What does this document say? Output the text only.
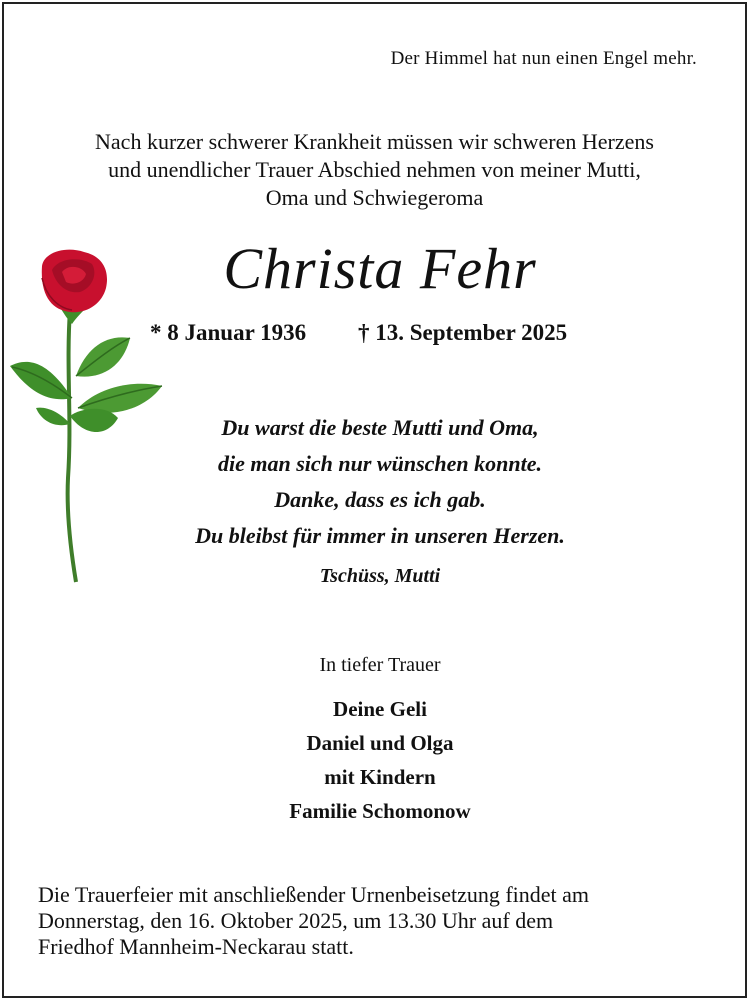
Der Himmel hat nun einen Engel mehr.
Nach kurzer schwerer Krankheit müssen wir schweren Herzens
und unendlicher Trauer Abschied nehmen von meiner Mutti,
Oma und Schwiegeroma
Christa Fehr
* 8 Januar 1936 † 13. September 2025
Du warst die beste Mutti und Oma,
die man sich nur wünschen konnte.
Danke, dass es ich gab.
Du bleibst für immer in unseren Herzen.
Tschüss, Mutti
In tiefer Trauer
Deine Geli
Daniel und Olga
mit Kindern
Familie Schomonow
Die Trauerfeier mit anschließender Urnenbeisetzung findet am
Donnerstag, den 16. Oktober 2025, um 13.30 Uhr auf dem
Friedhof Mannheim-Neckarau statt.
